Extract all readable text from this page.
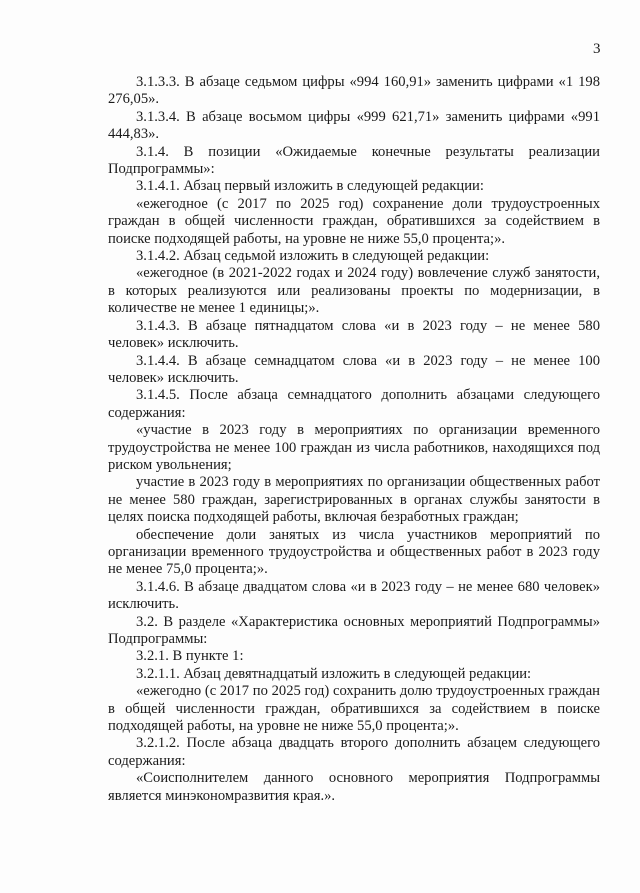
3

3.1.3.3. В абзаце седьмом цифры «994 160,91» заменить цифрами «1 198 276,05».

3.1.3.4. В абзаце восьмом цифры «999 621,71» заменить цифрами «991 444,83».

3.1.4. В позиции «Ожидаемые конечные результаты реализации Подпрограммы»:

3.1.4.1. Абзац первый изложить в следующей редакции:

«ежегодное (с 2017 по 2025 год) сохранение доли трудоустроенных граждан в общей численности граждан, обратившихся за содействием в поиске подходящей работы, на уровне не ниже 55,0 процента;».

3.1.4.2. Абзац седьмой изложить в следующей редакции:

«ежегодное (в 2021-2022 годах и 2024 году) вовлечение служб занятости, в которых реализуются или реализованы проекты по модернизации, в количестве не менее 1 единицы;».

3.1.4.3. В абзаце пятнадцатом слова «и в 2023 году – не менее 580 человек» исключить.

3.1.4.4. В абзаце семнадцатом слова «и в 2023 году – не менее 100 человек» исключить.

3.1.4.5. После абзаца семнадцатого дополнить абзацами следующего содержания:

«участие в 2023 году в мероприятиях по организации временного трудоустройства не менее 100 граждан из числа работников, находящихся под риском увольнения;

участие в 2023 году в мероприятиях по организации общественных работ не менее 580 граждан, зарегистрированных в органах службы занятости в целях поиска подходящей работы, включая безработных граждан;

обеспечение доли занятых из числа участников мероприятий по организации временного трудоустройства и общественных работ в 2023 году не менее 75,0 процента;».

3.1.4.6. В абзаце двадцатом слова «и в 2023 году – не менее 680 человек» исключить.

3.2. В разделе «Характеристика основных мероприятий Подпрограммы» Подпрограммы:

3.2.1. В пункте 1:

3.2.1.1. Абзац девятнадцатый изложить в следующей редакции:

«ежегодно (с 2017 по 2025 год) сохранить долю трудоустроенных граждан в общей численности граждан, обратившихся за содействием в поиске подходящей работы, на уровне не ниже 55,0 процента;».

3.2.1.2. После абзаца двадцать второго дополнить абзацем следующего содержания:

«Соисполнителем данного основного мероприятия Подпрограммы является минэкономразвития края.».
